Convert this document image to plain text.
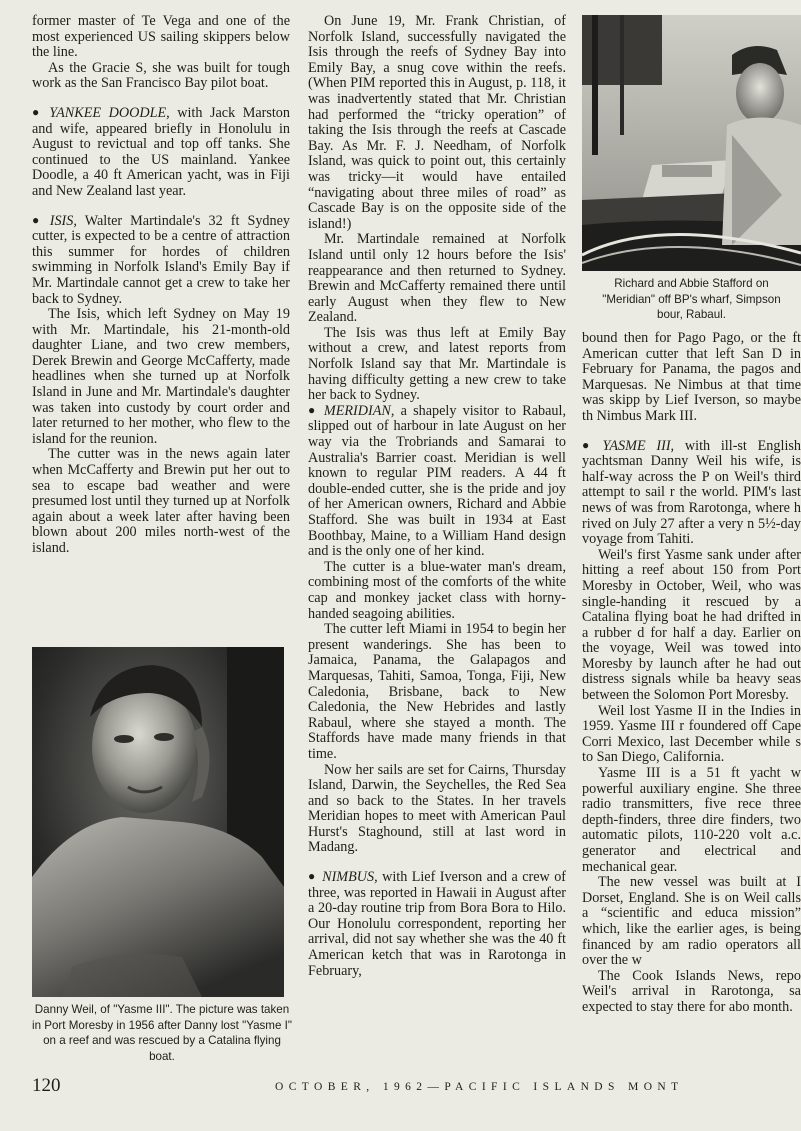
former master of Te Vega and one of the most experienced US sailing skippers below the line.

As the Gracie S, she was built for tough work as the San Francisco Bay pilot boat.

● YANKEE DOODLE, with Jack Marston and wife, appeared briefly in Honolulu in August to revictual and top off tanks. She continued to the US mainland. Yankee Doodle, a 40 ft American yacht, was in Fiji and New Zealand last year.

● ISIS, Walter Martindale's 32 ft Sydney cutter, is expected to be a centre of attraction this summer for hordes of children swimming in Norfolk Island's Emily Bay if Mr. Martindale cannot get a crew to take her back to Sydney.

The Isis, which left Sydney on May 19 with Mr. Martindale, his 21-month-old daughter Liane, and two crew members, Derek Brewin and George McCafferty, made headlines when she turned up at Norfolk Island in June and Mr. Martindale's daughter was taken into custody by court order and later returned to her mother, who flew to the island for the reunion.

The cutter was in the news again later when McCafferty and Brewin put her out to sea to escape bad weather and were presumed lost until they turned up at Norfolk again about a week later after having been blown about 200 miles north-west of the island.

Danny Weil, of "Yasme III". The picture was taken in Port Moresby in 1956 after Danny lost "Yasme I" on a reef and was rescued by a Catalina flying boat.

On June 19, Mr. Frank Christian, of Norfolk Island, successfully navigated the Isis through the reefs of Sydney Bay into Emily Bay, a snug cove within the reefs. (When PIM reported this in August, p. 118, it was inadvertently stated that Mr. Christian had performed the “tricky operation” of taking the Isis through the reefs at Cascade Bay. As Mr. F. J. Needham, of Norfolk Island, was quick to point out, this certainly was tricky—it would have entailed “navigating about three miles of road” as Cascade Bay is on the opposite side of the island!)

Mr. Martindale remained at Norfolk Island until only 12 hours before the Isis' reappearance and then returned to Sydney. Brewin and McCafferty remained there until early August when they flew to New Zealand.

The Isis was thus left at Emily Bay without a crew, and latest reports from Norfolk Island say that Mr. Martindale is having difficulty getting a new crew to take her back to Sydney.

● MERIDIAN, a shapely visitor to Rabaul, slipped out of harbour in late August on her way via the Trobriands and Samarai to Australia's Barrier coast. Meridian is well known to regular PIM readers. A 44 ft double-ended cutter, she is the pride and joy of her American owners, Richard and Abbie Stafford. She was built in 1934 at East Boothbay, Maine, to a William Hand design and is the only one of her kind.

The cutter is a blue-water man's dream, combining most of the comforts of the white cap and monkey jacket class with horny-handed seagoing abilities.

The cutter left Miami in 1954 to begin her present wanderings. She has been to Jamaica, Panama, the Galapagos and Marquesas, Tahiti, Samoa, Tonga, Fiji, New Caledonia, Brisbane, back to New Caledonia, the New Hebrides and lastly Rabaul, where she stayed a month. The Staffords have made many friends in that time.

Now her sails are set for Cairns, Thursday Island, Darwin, the Seychelles, the Red Sea and so back to the States. In her travels Meridian hopes to meet with American Paul Hurst's Staghound, still at last word in Madang.

● NIMBUS, with Lief Iverson and a crew of three, was reported in Hawaii in August after a 20-day routine trip from Bora Bora to Hilo. Our Honolulu correspondent, reporting her arrival, did not say whether she was the 40 ft American ketch that was in Rarotonga in February,

Richard and Abbie Stafford on
"Meridian" off BP's wharf, Simpson
bour, Rabaul.

bound then for Pago Pago, or the ft American cutter that left San D in February for Panama, the pagos and Marquesas. Ne Nimbus at that time was skipp by Lief Iverson, so maybe th Nimbus Mark III.

● YASME III, with ill-st English yachtsman Danny Weil his wife, is half-way across the P on Weil's third attempt to sail r the world. PIM's last news of was from Rarotonga, where h rived on July 27 after a very n 5½-day voyage from Tahiti.

Weil's first Yasme sank under after hitting a reef about 150 from Port Moresby in October, Weil, who was single-handing it rescued by a Catalina flying boat he had drifted in a rubber d for half a day. Earlier on the voyage, Weil was towed into Moresby by launch after he had out distress signals while ba heavy seas between the Solomon Port Moresby.

Weil lost Yasme II in the Indies in 1959. Yasme III r foundered off Cape Corri Mexico, last December while s to San Diego, California.

Yasme III is a 51 ft yacht w powerful auxiliary engine. She three radio transmitters, five rece three depth-finders, three dire finders, two automatic pilots, 110-220 volt a.c. generator and electrical and mechanical gear.

The new vessel was built at I Dorset, England. She is on Weil calls a “scientific and educa mission” which, like the earlier ages, is being financed by am radio operators all over the w

The Cook Islands News, repo Weil's arrival in Rarotonga, sa expected to stay there for abo month.

120	OCTOBER, 1962—PACIFIC ISLANDS MONT
